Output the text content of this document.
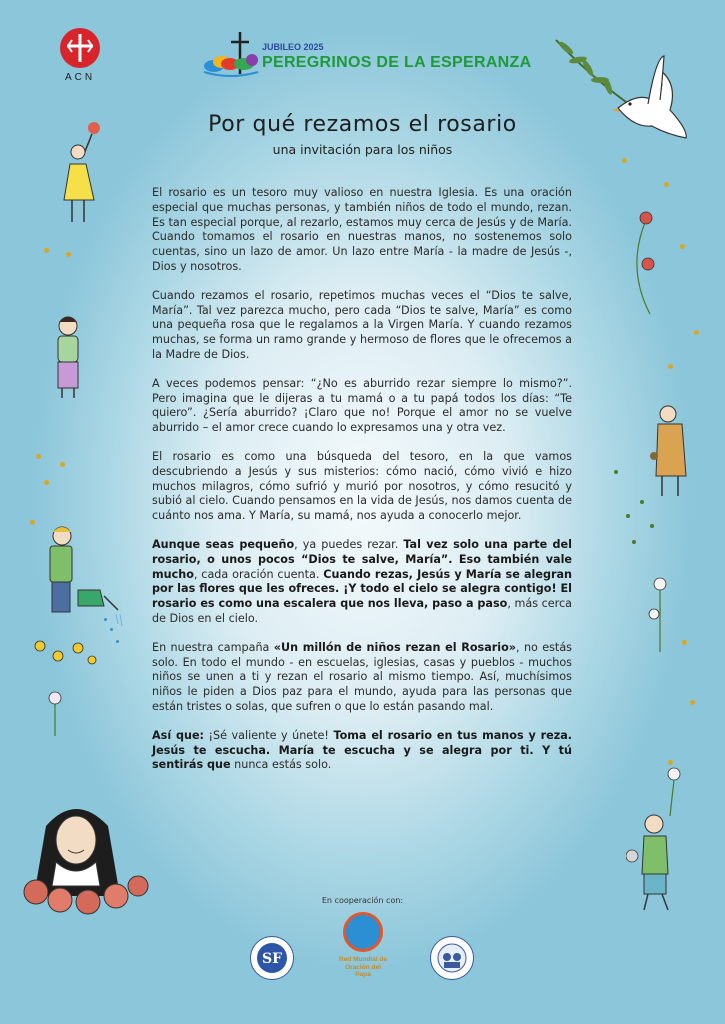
ACN
JUBILEO 2025
PEREGRINOS DE LA ESPERANZA
Por qué rezamos el rosario
una invitación para los niños

El rosario es un tesoro muy valioso en nuestra Iglesia. Es una oración especial que muchas personas, y también niños de todo el mundo, rezan. Es tan especial porque, al rezarlo, estamos muy cerca de Jesús y de María. Cuando tomamos el rosario en nuestras manos, no sostenemos solo cuentas, sino un lazo de amor. Un lazo entre María - la madre de Jesús -, Dios y nosotros.

Cuando rezamos el rosario, repetimos muchas veces el “Dios te salve, María”. Tal vez parezca mucho, pero cada “Dios te salve, María” es como una pequeña rosa que le regalamos a la Virgen María. Y cuando rezamos muchas, se forma un ramo grande y hermoso de flores que le ofrecemos a la Madre de Dios.

A veces podemos pensar: “¿No es aburrido rezar siempre lo mismo?”. Pero imagina que le dijeras a tu mamá o a tu papá todos los días: “Te quiero”. ¿Sería aburrido? ¡Claro que no! Porque el amor no se vuelve aburrido – el amor crece cuando lo expresamos una y otra vez.

El rosario es como una búsqueda del tesoro, en la que vamos descubriendo a Jesús y sus misterios: cómo nació, cómo vivió e hizo muchos milagros, cómo sufrió y murió por nosotros, y cómo resucitó y subió al cielo. Cuando pensamos en la vida de Jesús, nos damos cuenta de cuánto nos ama. Y María, su mamá, nos ayuda a conocerlo mejor.

Aunque seas pequeño, ya puedes rezar. Tal vez solo una parte del rosario, o unos pocos “Dios te salve, María”. Eso también vale mucho, cada oración cuenta. Cuando rezas, Jesús y María se alegran por las flores que les ofreces. ¡Y todo el cielo se alegra contigo! El rosario es como una escalera que nos lleva, paso a paso, más cerca de Dios en el cielo.

En nuestra campaña «Un millón de niños rezan el Rosario», no estás solo. En todo el mundo - en escuelas, iglesias, casas y pueblos - muchos niños se unen a ti y rezan el rosario al mismo tiempo. Así, muchísimos niños le piden a Dios paz para el mundo, ayuda para las personas que están tristes o solas, que sufren o que lo están pasando mal.

Así que: ¡Sé valiente y únete! Toma el rosario en tus manos y reza. Jesús te escucha. María te escucha y se alegra por ti. Y tú sentirás que nunca estás solo.

En cooperación con:
SF	Red Mundial de Oración del Papa
